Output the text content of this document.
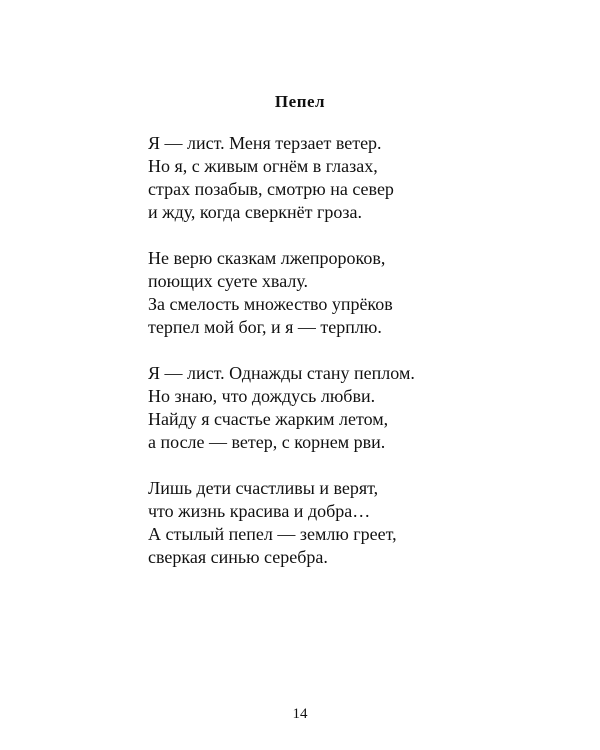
Пепел
Я — лист. Меня терзает ветер.
Но я, с живым огнём в глазах,
страх позабыв, смотрю на север
и жду, когда сверкнёт гроза.
Не верю сказкам лжепророков,
поющих суете хвалу.
За смелость множество упрёков
терпел мой бог, и я — терплю.
Я — лист. Однажды стану пеплом.
Но знаю, что дождусь любви.
Найду я счастье жарким летом,
а после — ветер, с корнем рви.
Лишь дети счастливы и верят,
что жизнь красива и добра…
А стылый пепел — землю греет,
сверкая синью серебра.
14
